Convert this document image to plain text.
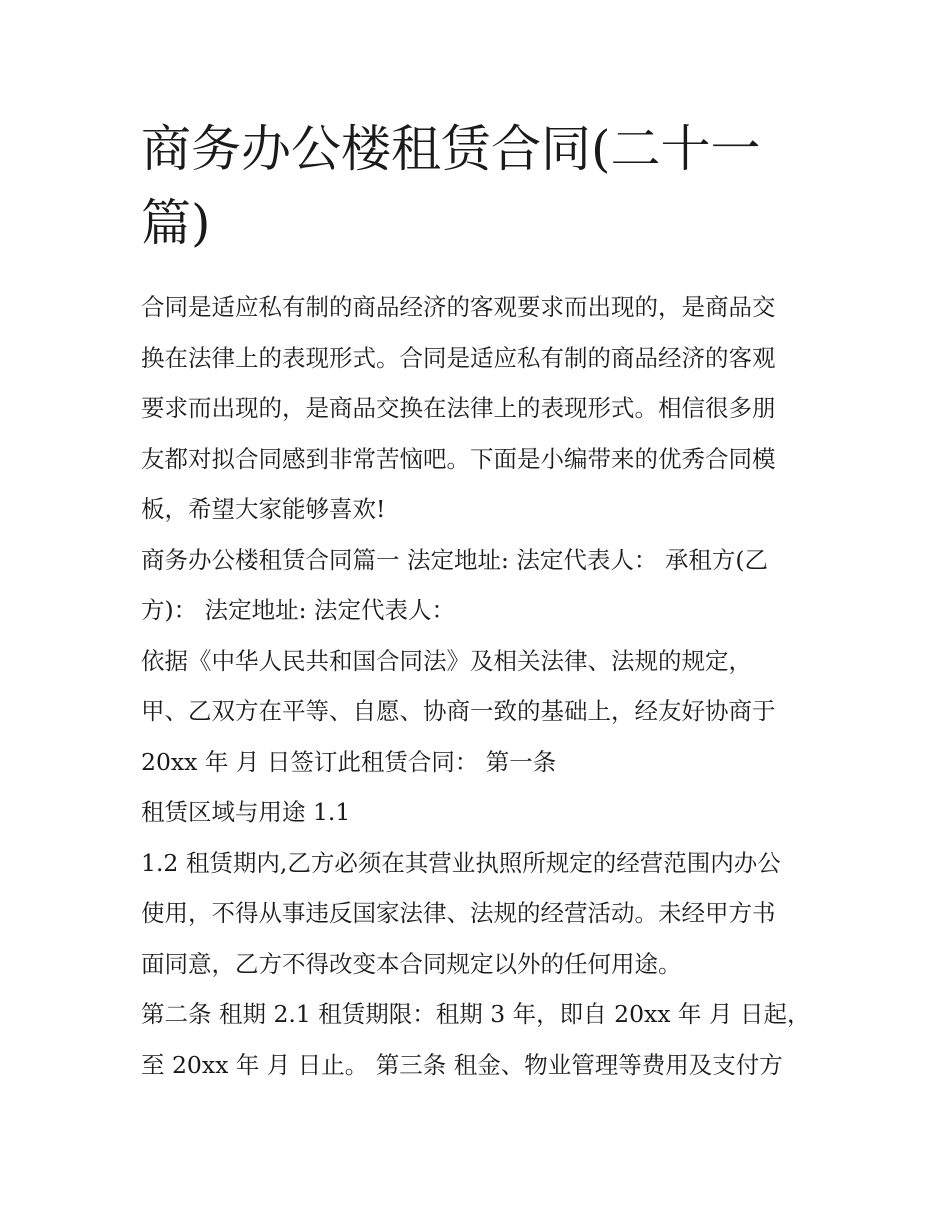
商务办公楼租赁合同(二十一
篇)

合同是适应私有制的商品经济的客观要求而出现的，是商品交
换在法律上的表现形式。合同是适应私有制的商品经济的客观
要求而出现的，是商品交换在法律上的表现形式。相信很多朋
友都对拟合同感到非常苦恼吧。下面是小编带来的优秀合同模
板，希望大家能够喜欢!

商务办公楼租赁合同篇一 法定地址: 法定代表人： 承租方(乙
方)： 法定地址: 法定代表人：

依据《中华人民共和国合同法》及相关法律、法规的规定，
甲、乙双方在平等、自愿、协商一致的基础上，经友好协商于
20xx 年 月 日签订此租赁合同： 第一条

租赁区域与用途 1.1

1.2 租赁期内,乙方必须在其营业执照所规定的经营范围内办公
使用，不得从事违反国家法律、法规的经营活动。未经甲方书
面同意，乙方不得改变本合同规定以外的任何用途。

第二条 租期 2.1 租赁期限：租期 3 年，即自 20xx 年 月 日起，
至 20xx 年 月 日止。 第三条 租金、物业管理等费用及支付方
